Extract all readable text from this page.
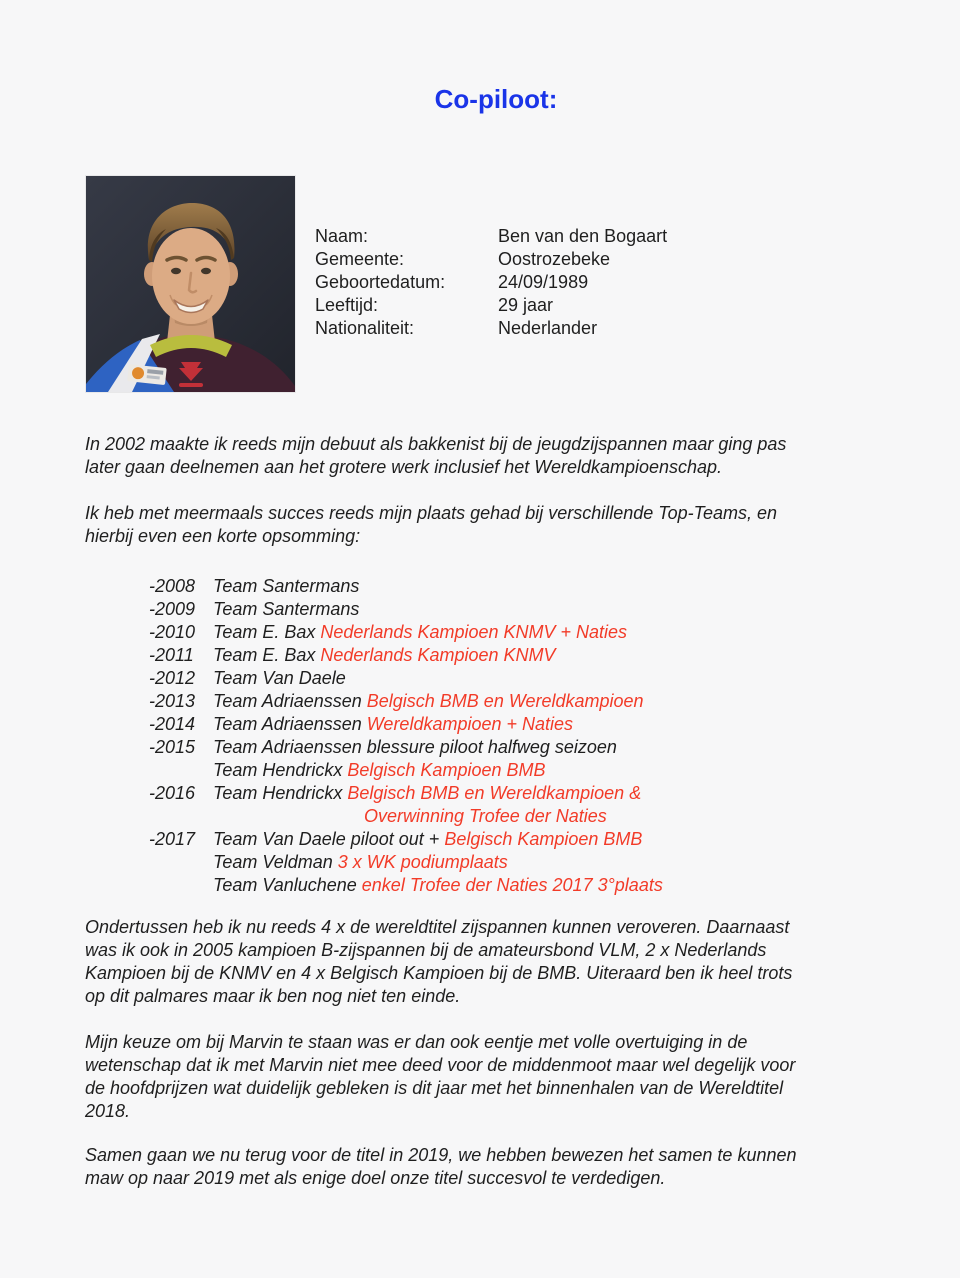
Co-piloot:
Naam:	Ben van den Bogaart
Gemeente:	Oostrozebeke
Geboortedatum:	24/09/1989
Leeftijd:	29 jaar
Nationaliteit:	Nederlander
In 2002 maakte ik reeds mijn debuut als bakkenist bij de jeugdzijspannen maar ging pas
later gaan deelnemen aan het grotere werk inclusief het Wereldkampioenschap.
Ik heb met meermaals succes reeds mijn plaats gehad bij verschillende Top-Teams, en
hierbij even een korte opsomming:
-2008 Team Santermans
-2009 Team Santermans
-2010 Team E. Bax Nederlands Kampioen KNMV + Naties
-2011	Team E. Bax Nederlands Kampioen KNMV
-2012 Team Van Daele
-2013 Team Adriaenssen Belgisch BMB en Wereldkampioen
-2014 Team Adriaenssen Wereldkampioen + Naties
-2015 Team Adriaenssen blessure piloot halfweg seizoen
Team Hendrickx Belgisch Kampioen BMB
-2016 Team Hendrickx Belgisch BMB en Wereldkampioen &
Overwinning Trofee der Naties
-2017 Team Van Daele piloot out + Belgisch Kampioen BMB
Team Veldman 3 x WK podiumplaats
Team Vanluchene enkel Trofee der Naties 2017 3°plaats
Ondertussen heb ik nu reeds 4 x de wereldtitel zijspannen kunnen veroveren. Daarnaast
was ik ook in 2005 kampioen B-zijspannen bij de amateursbond VLM, 2 x Nederlands
Kampioen bij de KNMV en 4 x Belgisch Kampioen bij de BMB. Uiteraard ben ik heel trots
op dit palmares maar ik ben nog niet ten einde.
Mijn keuze om bij Marvin te staan was er dan ook eentje met volle overtuiging in de
wetenschap dat ik met Marvin niet mee deed voor de middenmoot maar wel degelijk voor
de hoofdprijzen wat duidelijk gebleken is dit jaar met het binnenhalen van de Wereldtitel
2018.
Samen gaan we nu terug voor de titel in 2019, we hebben bewezen het samen te kunnen
maw op naar 2019 met als enige doel onze titel succesvol te verdedigen.
